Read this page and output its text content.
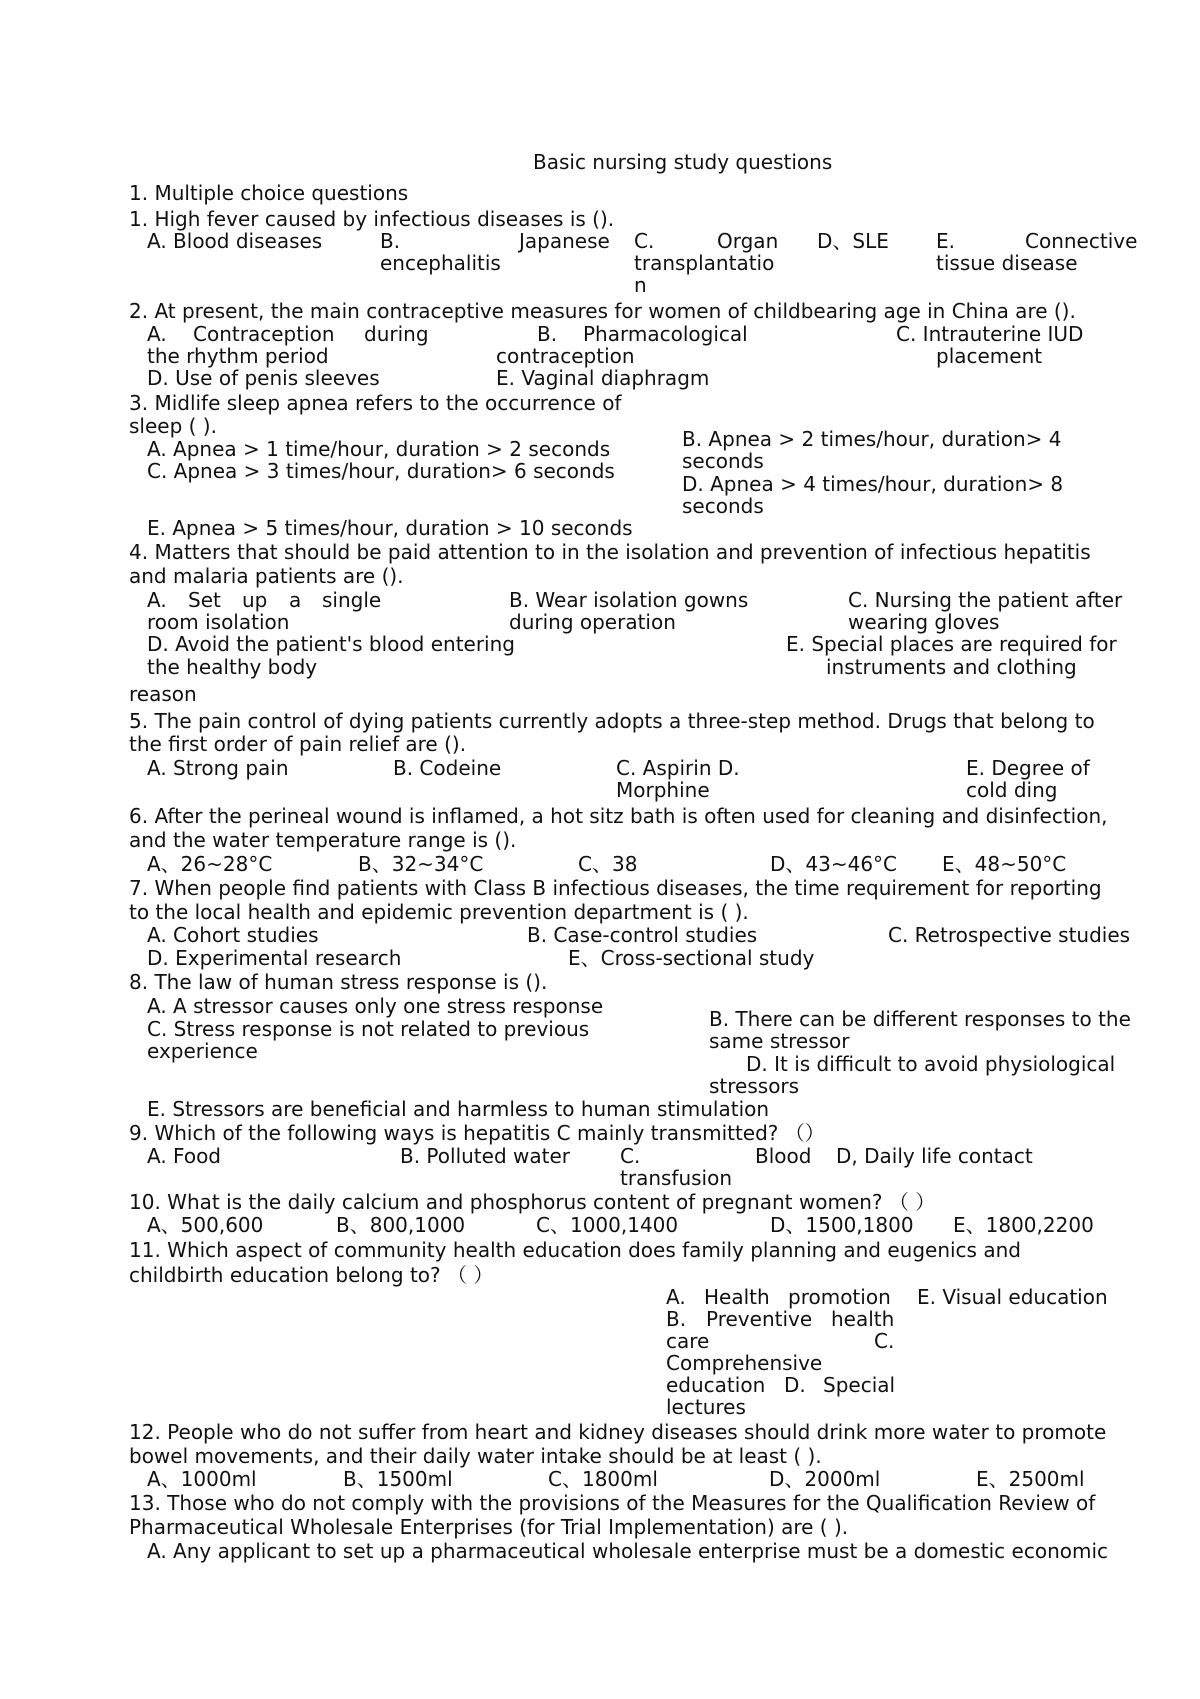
Basic nursing study questions
1. Multiple choice questions
1. High fever caused by infectious diseases is ().
A. Blood diseases	B.	Japanese
encephalitis
C.	Organ
transplantatio
n
D、SLE E.	Connective
tissue disease
2. At present, the main contraceptive measures for women of childbearing age in China are ().
A. Contraception during
the rhythm period
B. Pharmacological
contraception
C. Intrauterine IUD
placement
D. Use of penis sleeves	E. Vaginal diaphragm
3. Midlife sleep apnea refers to the occurrence of
sleep ( ).
A. Apnea > 1 time/hour, duration > 2 seconds
C. Apnea > 3 times/hour, duration> 6 seconds
B. Apnea > 2 times/hour, duration> 4
seconds
D. Apnea > 4 times/hour, duration> 8
seconds
E. Apnea > 5 times/hour, duration > 10 seconds
4. Matters that should be paid attention to in the isolation and prevention of infectious hepatitis
and malaria patients are ().
A. Set up a single
room isolation
B. Wear isolation gowns
during operation
C. Nursing the patient after
wearing gloves
D. Avoid the patient's blood entering
the healthy body
reason
E. Special places are required for
instruments and clothing
5. The pain control of dying patients currently adopts a three-step method. Drugs that belong to
the first order of pain relief are ().
A. Strong pain	B. Codeine	C. Aspirin D.
Morphine
E. Degree of
cold ding
6. After the perineal wound is inflamed, a hot sitz bath is often used for cleaning and disinfection,
and the water temperature range is ().
A、26~28°C	B、32~34°C	C、38	D、43~46°C E、48~50°C
7. When people find patients with Class B infectious diseases, the time requirement for reporting
to the local health and epidemic prevention department is ( ).
A. Cohort studies	B. Case-control studies	C. Retrospective studies
D. Experimental research	E、Cross-sectional study
8. The law of human stress response is ().
A. A stressor causes only one stress response
C. Stress response is not related to previous
experience
B. There can be different responses to the
same stressor
D. It is difficult to avoid physiological
stressors
E. Stressors are beneficial and harmless to human stimulation
9. Which of the following ways is hepatitis C mainly transmitted? （）
A. Food	B. Polluted water	C.	Blood
transfusion
D, Daily life contact
10. What is the daily calcium and phosphorus content of pregnant women? （ ）
A、500,600	B、800,1000	C、1000,1400	D、1500,1800 E、1800,2200
11. Which aspect of community health education does family planning and eugenics and
childbirth education belong to? （ ）
A. Health promotion E. Visual education
B. Preventive health
care	C.
Comprehensive
education D. Special
lectures
12. People who do not suffer from heart and kidney diseases should drink more water to promote
bowel movements, and their daily water intake should be at least ( ).
A、1000ml	B、1500ml	C、1800ml	D、2000ml	E、2500ml
13. Those who do not comply with the provisions of the Measures for the Qualification Review of
Pharmaceutical Wholesale Enterprises (for Trial Implementation) are ( ).
A. Any applicant to set up a pharmaceutical wholesale enterprise must be a domestic economic
